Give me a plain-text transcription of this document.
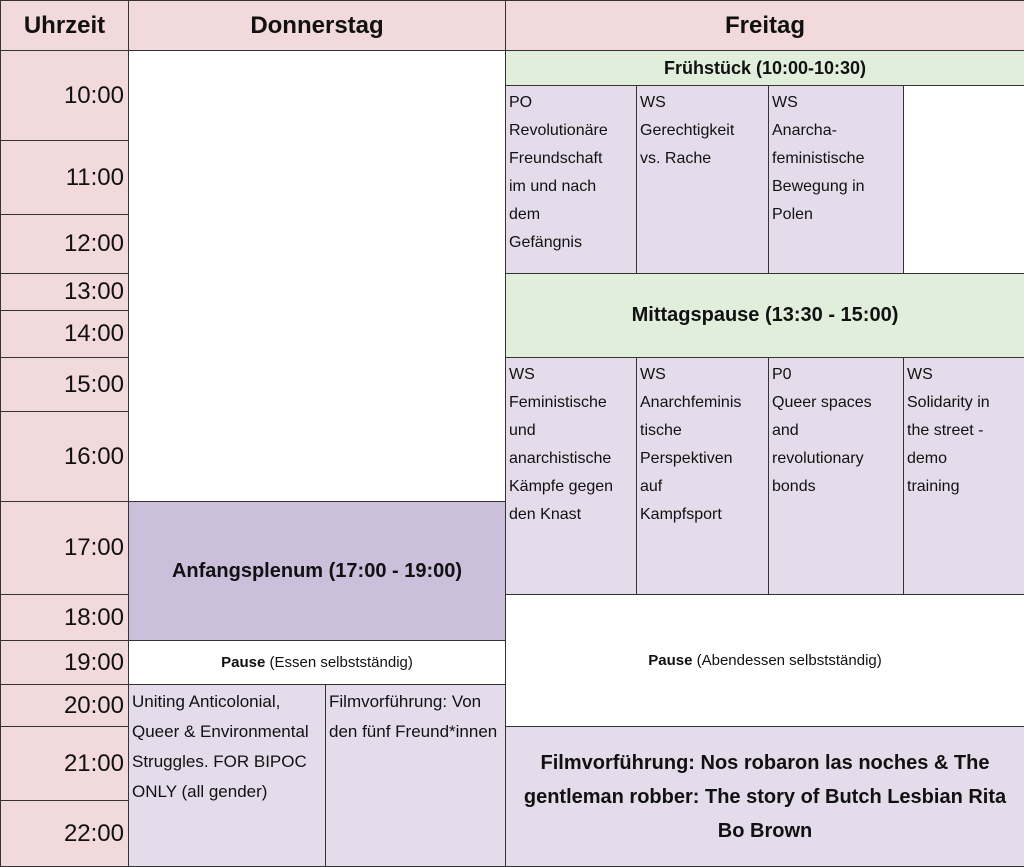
Uhrzeit	Donnerstag	Freitag
10:00
11:00
12:00
13:00
14:00
15:00
16:00
17:00
18:00
19:00
20:00
21:00
22:00
Anfangsplenum (17:00 - 19:00)
Pause (Essen selbstständig)
Uniting Anticolonial, Queer & Environmental Struggles. FOR BIPOC ONLY (all gender)
Filmvorführung: Von den fünf Freund*innen
Frühstück (10:00-10:30)
PO
Revolutionäre
Freundschaft
im und nach
dem
Gefängnis
WS
Gerechtigkeit
vs. Rache
WS
Anarcha-
feministische
Bewegung in
Polen
Mittagspause (13:30 - 15:00)
WS
Feministische
und
anarchistische
Kämpfe gegen
den Knast
WS
Anarchfeminis
tische
Perspektiven
auf
Kampfsport
P0
Queer spaces
and
revolutionary
bonds
WS
Solidarity in
the street -
demo
training
Pause (Abendessen selbstständig)
Filmvorführung: Nos robaron las noches & The gentleman robber: The story of Butch Lesbian Rita Bo Brown
